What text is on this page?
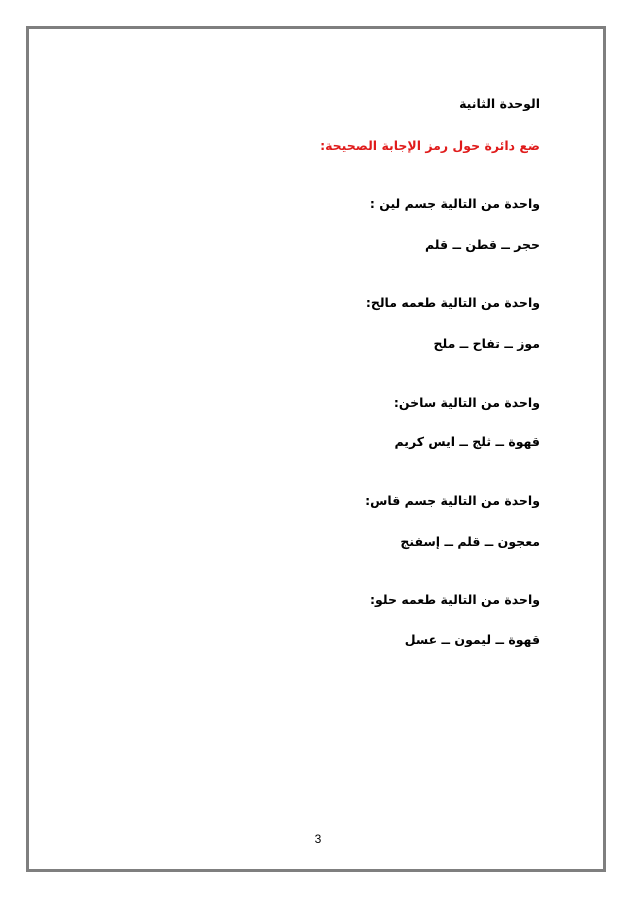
الوحدة الثانية
ضع دائرة حول رمز الإجابة الصحيحة:
واحدة من التالية جسم لين :
حجر ــ قطن ــ قلم
واحدة من التالية طعمه مالح:
موز ــ تفاح ــ ملح
واحدة من التالية ساخن:
قهوة ــ ثلج ــ ايس كريم
واحدة من التالية جسم قاس:
معجون ــ قلم ــ إسفنج
واحدة من التالية طعمه حلو:
قهوة ــ ليمون ــ عسل
3
